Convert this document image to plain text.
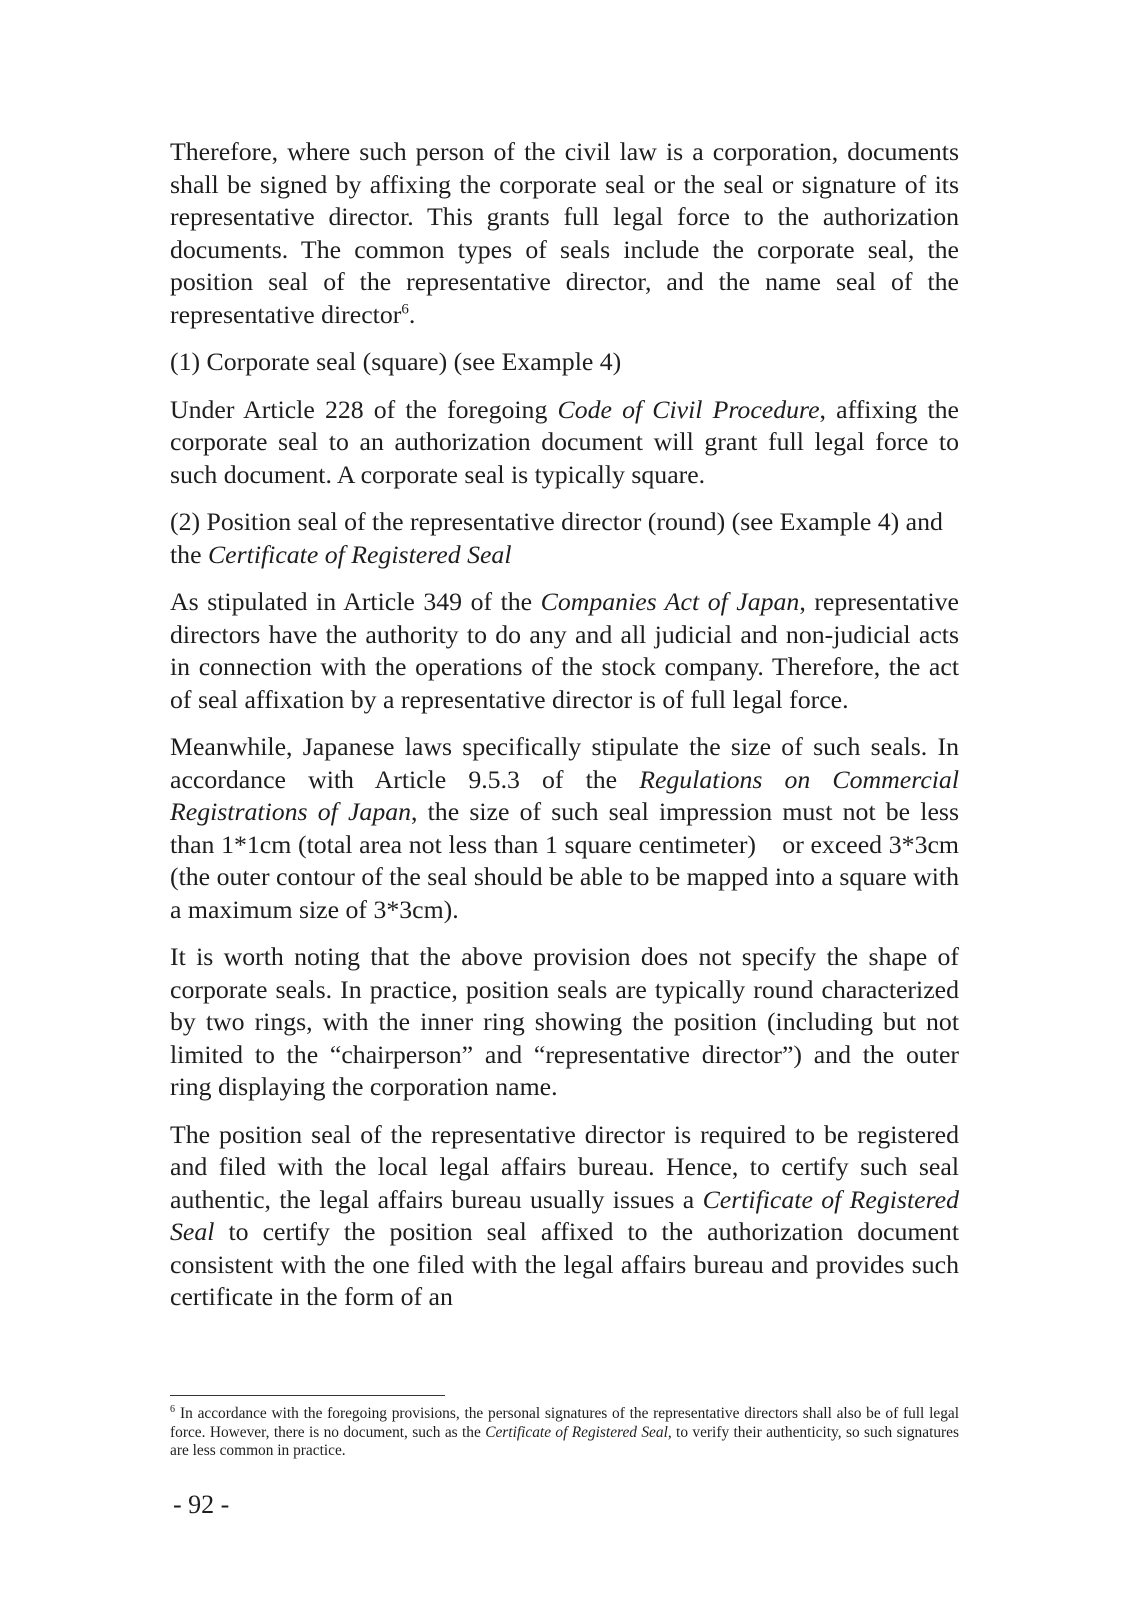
Therefore, where such person of the civil law is a corporation, documents shall be signed by affixing the corporate seal or the seal or signature of its representative director. This grants full legal force to the authorization documents. The common types of seals include the corporate seal, the position seal of the representative director, and the name seal of the representative director$^6$.

(1) Corporate seal (square) (see Example 4)

Under Article 228 of the foregoing Code of Civil Procedure, affixing the corporate seal to an authorization document will grant full legal force to such document. A corporate seal is typically square.

(2) Position seal of the representative director (round) (see Example 4) and the Certificate of Registered Seal

As stipulated in Article 349 of the Companies Act of Japan, representative directors have the authority to do any and all judicial and non-judicial acts in connection with the operations of the stock company. Therefore, the act of seal affixation by a representative director is of full legal force.

Meanwhile, Japanese laws specifically stipulate the size of such seals. In accordance with Article 9.5.3 of the Regulations on Commercial Registrations of Japan, the size of such seal impression must not be less than 1*1cm (total area not less than 1 square centimeter)　or exceed 3*3cm (the outer contour of the seal should be able to be mapped into a square with a maximum size of 3*3cm).

It is worth noting that the above provision does not specify the shape of corporate seals. In practice, position seals are typically round characterized by two rings, with the inner ring showing the position (including but not limited to the “chairperson” and “representative director”) and the outer ring displaying the corporation name.

The position seal of the representative director is required to be registered and filed with the local legal affairs bureau. Hence, to certify such seal authentic, the legal affairs bureau usually issues a Certificate of Registered Seal to certify the position seal affixed to the authorization document consistent with the one filed with the legal affairs bureau and provides such certificate in the form of an

$^6$ In accordance with the foregoing provisions, the personal signatures of the representative directors shall also be of full legal force. However, there is no document, such as the Certificate of Registered Seal, to verify their authenticity, so such signatures are less common in practice.

- 92 -
